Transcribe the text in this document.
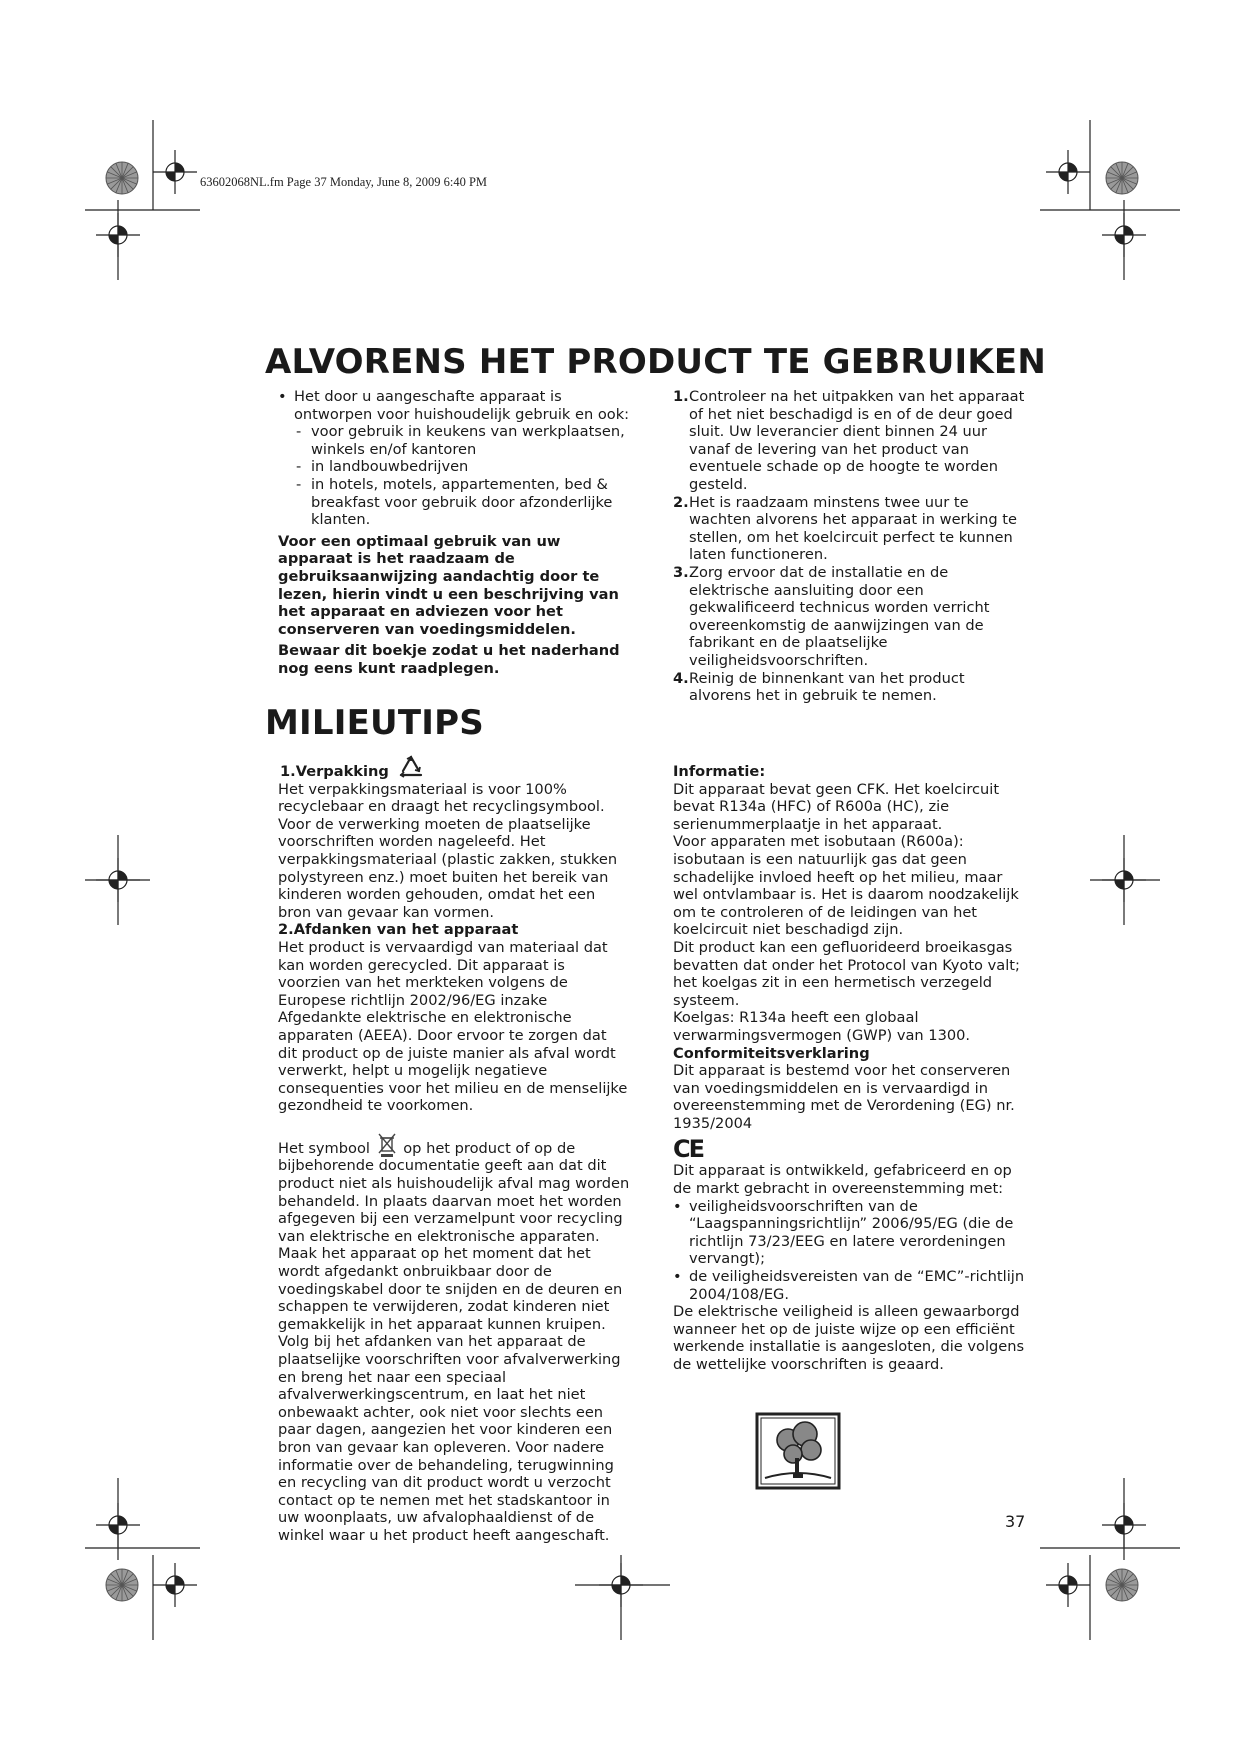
63602068NL.fm Page 37 Monday, June 8, 2009 6:40 PM
ALVORENS HET PRODUCT TE GEBRUIKEN

• Het door u aangeschafte apparaat is ontworpen voor huishoudelijk gebruik en ook:

- voor gebruik in keukens van werkplaatsen, winkels en/of kantoren

- in landbouwbedrijven

- in hotels, motels, appartementen, bed & breakfast voor gebruik door afzonderlijke klanten.

Voor een optimaal gebruik van uw apparaat is het raadzaam de gebruiksaanwijzing aandachtig door te lezen, hierin vindt u een beschrijving van het apparaat en adviezen voor het conserveren van voedingsmiddelen.

Bewaar dit boekje zodat u het naderhand nog eens kunt raadplegen.

1. Controleer na het uitpakken van het apparaat of het niet beschadigd is en of de deur goed sluit. Uw leverancier dient binnen 24 uur vanaf de levering van het product van eventuele schade op de hoogte te worden gesteld.

2. Het is raadzaam minstens twee uur te wachten alvorens het apparaat in werking te stellen, om het koelcircuit perfect te kunnen laten functioneren.

3. Zorg ervoor dat de installatie en de elektrische aansluiting door een gekwalificeerd technicus worden verricht overeenkomstig de aanwijzingen van de fabrikant en de plaatselijke veiligheidsvoorschriften.

4. Reinig de binnenkant van het product alvorens het in gebruik te nemen.

MILIEUTIPS

1.Verpakking

Het verpakkingsmateriaal is voor 100% recyclebaar en draagt het recyclingsymbool. Voor de verwerking moeten de plaatselijke voorschriften worden nageleefd. Het verpakkingsmateriaal (plastic zakken, stukken polystyreen enz.) moet buiten het bereik van kinderen worden gehouden, omdat het een bron van gevaar kan vormen.

2.Afdanken van het apparaat

Het product is vervaardigd van materiaal dat kan worden gerecycled. Dit apparaat is voorzien van het merkteken volgens de Europese richtlijn 2002/96/EG inzake Afgedankte elektrische en elektronische apparaten (AEEA). Door ervoor te zorgen dat dit product op de juiste manier als afval wordt verwerkt, helpt u mogelijk negatieve consequenties voor het milieu en de menselijke gezondheid te voorkomen.

Het symbool op het product of op de bijbehorende documentatie geeft aan dat dit product niet als huishoudelijk afval mag worden behandeld. In plaats daarvan moet het worden afgegeven bij een verzamelpunt voor recycling van elektrische en elektronische apparaten. Maak het apparaat op het moment dat het wordt afgedankt onbruikbaar door de voedingskabel door te snijden en de deuren en schappen te verwijderen, zodat kinderen niet gemakkelijk in het apparaat kunnen kruipen. Volg bij het afdanken van het apparaat de plaatselijke voorschriften voor afvalverwerking en breng het naar een speciaal afvalverwerkingscentrum, en laat het niet onbewaakt achter, ook niet voor slechts een paar dagen, aangezien het voor kinderen een bron van gevaar kan opleveren. Voor nadere informatie over de behandeling, terugwinning en recycling van dit product wordt u verzocht contact op te nemen met het stadskantoor in uw woonplaats, uw afvalophaaldienst of de winkel waar u het product heeft aangeschaft.

Informatie:

Dit apparaat bevat geen CFK. Het koelcircuit bevat R134a (HFC) of R600a (HC), zie serienummerplaatje in het apparaat.

Voor apparaten met isobutaan (R600a): isobutaan is een natuurlijk gas dat geen schadelijke invloed heeft op het milieu, maar wel ontvlambaar is. Het is daarom noodzakelijk om te controleren of de leidingen van het koelcircuit niet beschadigd zijn.

Dit product kan een gefluorideerd broeikasgas bevatten dat onder het Protocol van Kyoto valt; het koelgas zit in een hermetisch verzegeld systeem.

Koelgas: R134a heeft een globaal verwarmingsvermogen (GWP) van 1300.

Conformiteitsverklaring

Dit apparaat is bestemd voor het conserveren van voedingsmiddelen en is vervaardigd in overeenstemming met de Verordening (EG) nr. 1935/2004

CE

Dit apparaat is ontwikkeld, gefabriceerd en op de markt gebracht in overeenstemming met:

• veiligheidsvoorschriften van de “Laagspanningsrichtlijn” 2006/95/EG (die de richtlijn 73/23/EEG en latere verordeningen vervangt);

• de veiligheidsvereisten van de “EMC”-richtlijn 2004/108/EG.

De elektrische veiligheid is alleen gewaarborgd wanneer het op de juiste wijze op een efficiënt werkende installatie is aangesloten, die volgens de wettelijke voorschriften is geaard.

37
